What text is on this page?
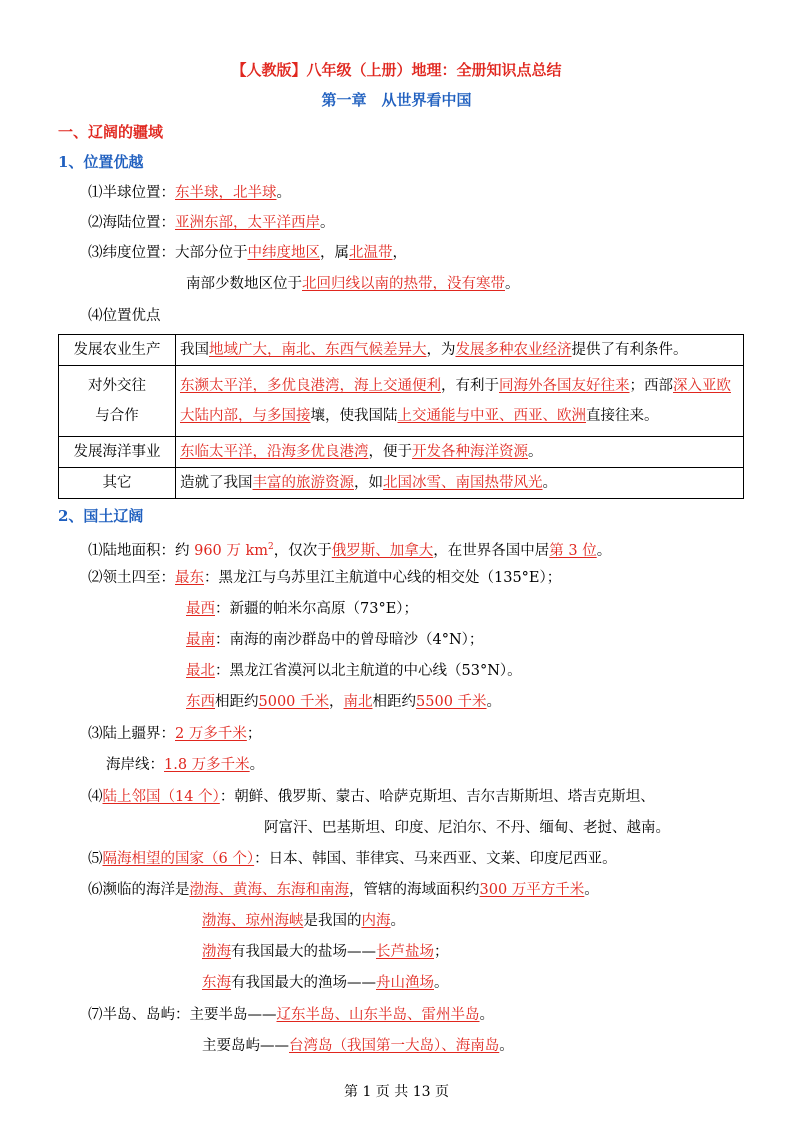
【人教版】八年级（上册）地理：全册知识点总结
第一章　从世界看中国
一、辽阔的疆域
1、位置优越
⑴半球位置：东半球，北半球。
⑵海陆位置：亚洲东部，太平洋西岸。
⑶纬度位置：大部分位于中纬度地区，属北温带，
南部少数地区位于北回归线以南的热带，没有寒带。
⑷位置优点
发展农业生产	我国地域广大，南北、东西气候差异大，为发展多种农业经济提供了有利条件。
对外交往
与合作	东濒太平洋，多优良港湾，海上交通便利，有利于同海外各国友好往来；西部深入亚欧大陆内部，与多国接壤，使我国陆上交通能与中亚、西亚、欧洲直接往来。
发展海洋事业	东临太平洋，沿海多优良港湾，便于开发各种海洋资源。
其它	造就了我国丰富的旅游资源，如北国冰雪、南国热带风光。
2、国土辽阔
⑴陆地面积：约 960 万 $km^2$，仅次于俄罗斯、加拿大，在世界各国中居第 3 位。
⑵领土四至：最东：黑龙江与乌苏里江主航道中心线的相交处（135°E）；
最西：新疆的帕米尔高原（73°E）；
最南：南海的南沙群岛中的曾母暗沙（4°N）；
最北：黑龙江省漠河以北主航道的中心线（53°N）。
东西相距约5000 千米，南北相距约5500 千米。
⑶陆上疆界：2 万多千米；
海岸线：1.8 万多千米。
⑷陆上邻国（14 个）：朝鲜、俄罗斯、蒙古、哈萨克斯坦、吉尔吉斯斯坦、塔吉克斯坦、
阿富汗、巴基斯坦、印度、尼泊尔、不丹、缅甸、老挝、越南。
⑸隔海相望的国家（6 个）：日本、韩国、菲律宾、马来西亚、文莱、印度尼西亚。
⑹濒临的海洋是渤海、黄海、东海和南海，管辖的海域面积约300 万平方千米。
渤海、琼州海峡是我国的内海。
渤海有我国最大的盐场——长芦盐场；
东海有我国最大的渔场——舟山渔场。
⑺半岛、岛屿：主要半岛——辽东半岛、山东半岛、雷州半岛。
主要岛屿——台湾岛（我国第一大岛）、海南岛。
第 1 页 共 13 页
